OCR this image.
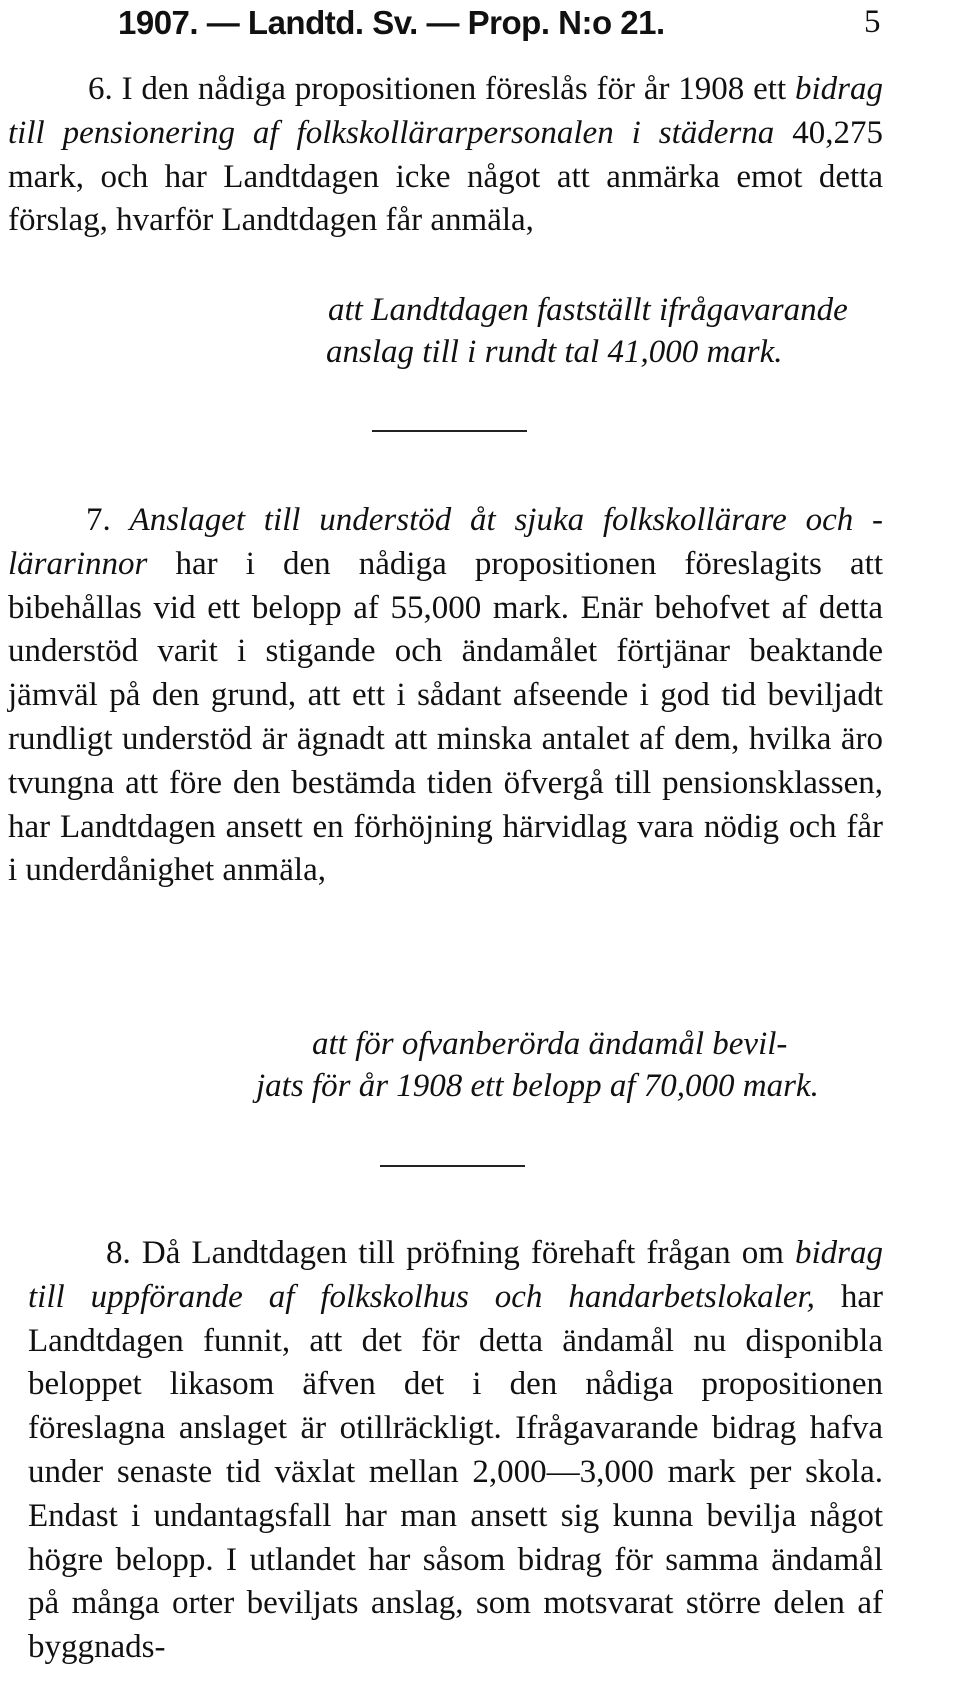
1907. — Landtd. Sv. — Prop. N:o 21.	5

6. I den nådiga propositionen föreslås för år 1908 ett bidrag till pensionering af folkskollärarpersonalen i städerna 40,275 mark, och har Landtdagen icke något att anmärka emot detta förslag, hvarför Landtdagen får anmäla,

att Landtdagen fastställt ifrågavarande
anslag till i rundt tal 41,000 mark.

7. Anslaget till understöd åt sjuka folkskollärare och -lärarinnor har i den nådiga propositionen föreslagits att bibehållas vid ett belopp af 55,000 mark. Enär behofvet af detta understöd varit i stigande och ändamålet förtjänar beaktande jämväl på den grund, att ett i sådant afseende i god tid beviljadt rundligt understöd är ägnadt att minska antalet af dem, hvilka äro tvungna att före den bestämda tiden öfvergå till pensionsklassen, har Landtdagen ansett en förhöjning härvidlag vara nödig och får i underdånighet anmäla,

att för ofvanberörda ändamål bevil-
jats för år 1908 ett belopp af 70,000 mark.

8. Då Landtdagen till pröfning förehaft frågan om bidrag till uppförande af folkskolhus och handarbetslokaler, har Landtdagen funnit, att det för detta ändamål nu disponibla beloppet likasom äfven det i den nådiga propositionen föreslagna anslaget är otillräckligt. Ifrågavarande bidrag hafva under senaste tid växlat mellan 2,000—3,000 mark per skola. Endast i undantagsfall har man ansett sig kunna bevilja något högre belopp. I utlandet har såsom bidrag för samma ändamål på många orter beviljats anslag, som motsvarat större delen af byggnads-
